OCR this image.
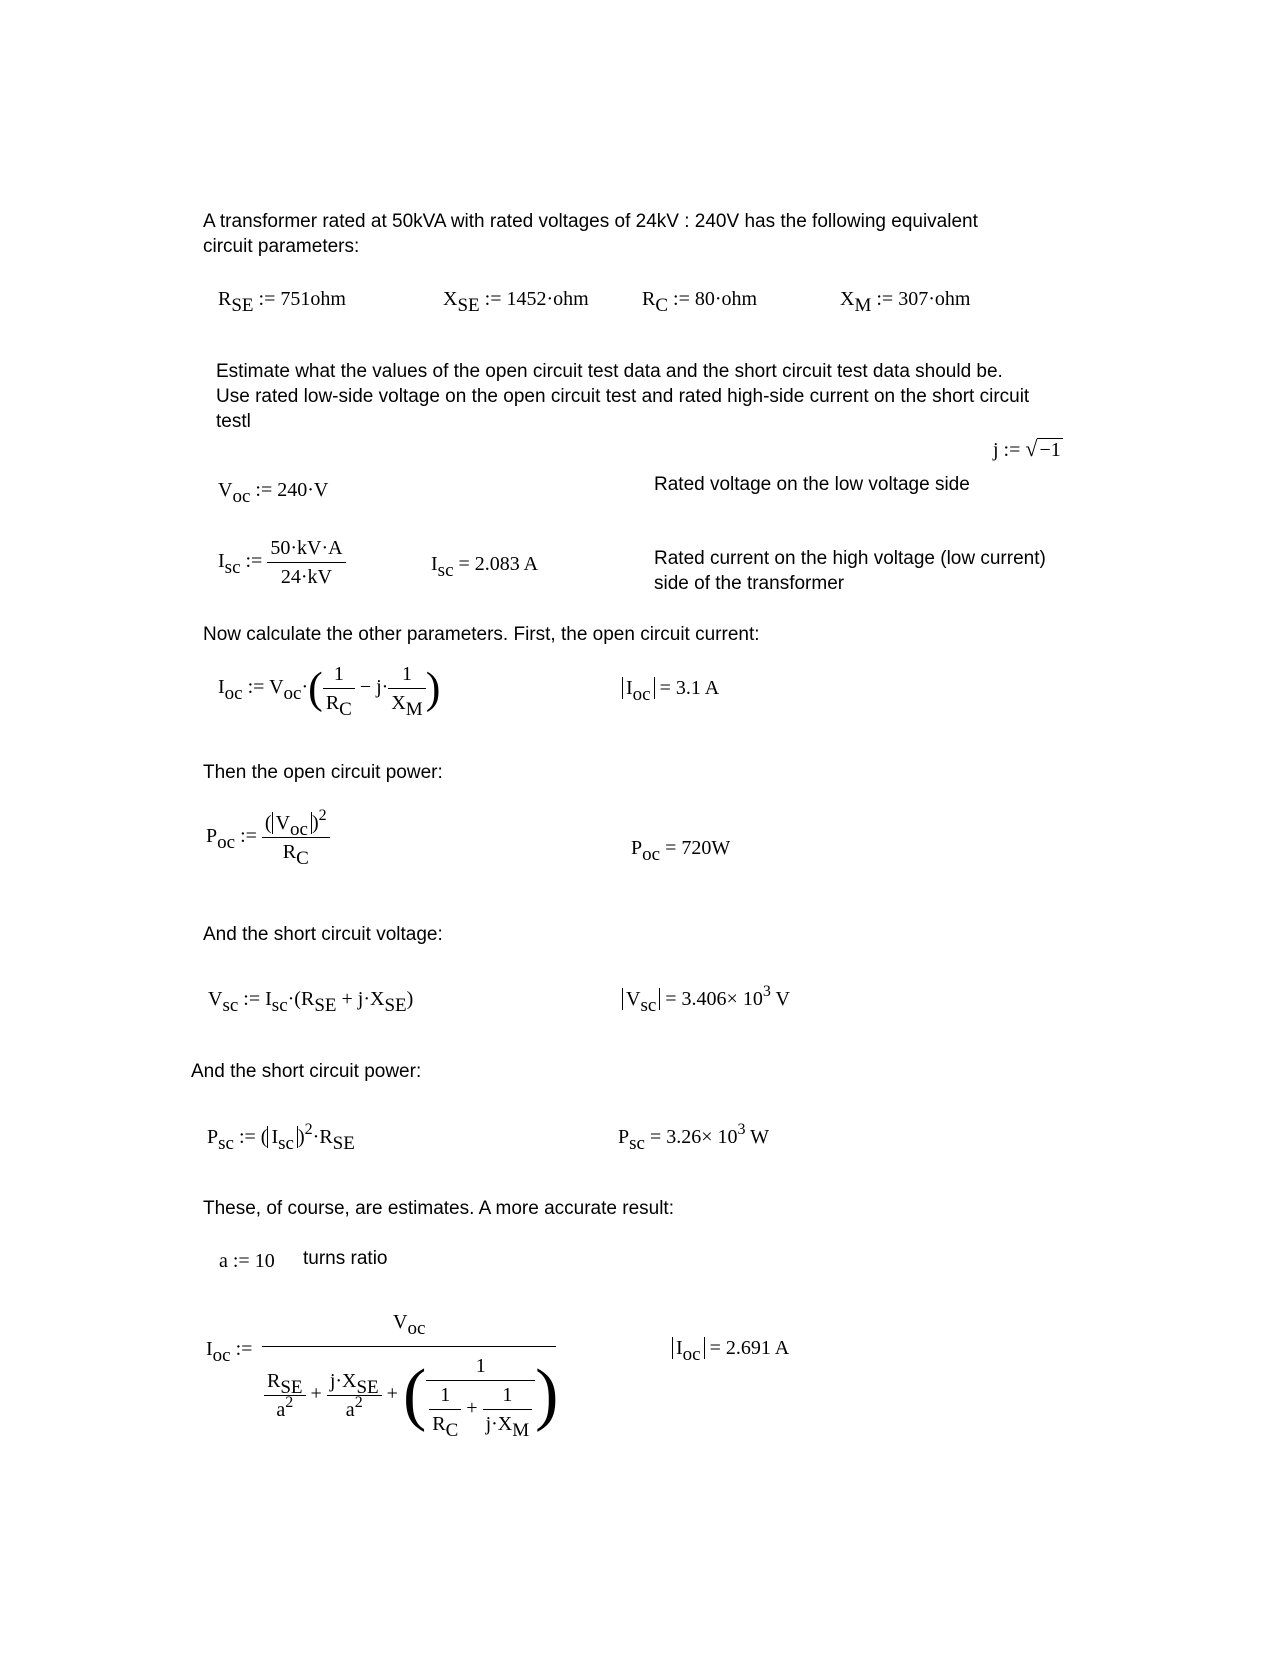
A transformer rated at 50kVA with rated voltages of 24kV : 240V has the following equivalent
circuit parameters:
$R_{SE}$ := 751ohm	$X_{SE}$ := 1452·ohm	$R_C$ := 80·ohm	$X_M$ := 307·ohm
Estimate what the values of the open circuit test data and the short circuit test data should be.
Use rated low-side voltage on the open circuit test and rated high-side current on the short circuit
testl
j := √ −1
$V_{oc}$ := 240·V	Rated voltage on the low voltage side
$I_{sc}$ := $\frac{50\cdot kV\cdot A}{24\cdot kV}$	$I_{sc} = 2.083$ A	Rated current on the high voltage (low current)
side of the transformer
Now calculate the other parameters. First, the open circuit current:
$I_{oc}$ := $V_{oc}\cdot( \frac{1}{R_C} - j\cdot \frac{1}{X_M}$ )	$I_{oc} = 3.1$ A
Then the open circuit power:
$P_{oc}$ := $\frac{( V_{oc} )^2}{R_C}$	$P_{oc} = 720W$
And the short circuit voltage:
$V_{sc}$ := $I_{sc}\cdot(R_{SE} + j\cdot X_{SE})$	$V_{sc} = 3.406\times 10^3$ V
And the short circuit power:
$P_{sc}$ := ( $I_{sc}$ )$^2\cdot R_{SE}$	$P_{sc} = 3.26\times 10^3$ W
These, of course, are estimates. A more accurate result:
a := 10 turns ratio
$I_{oc}$ :=
$V_{oc}$
$\frac{R_{SE}}{a^2} + \frac{j\cdot X_{SE}}{a^2}$ + ( $\frac{1}{\frac{1}{R_C} + \frac{1}{j\cdot X_M}}$ )
$I_{oc} = 2.691$ A
